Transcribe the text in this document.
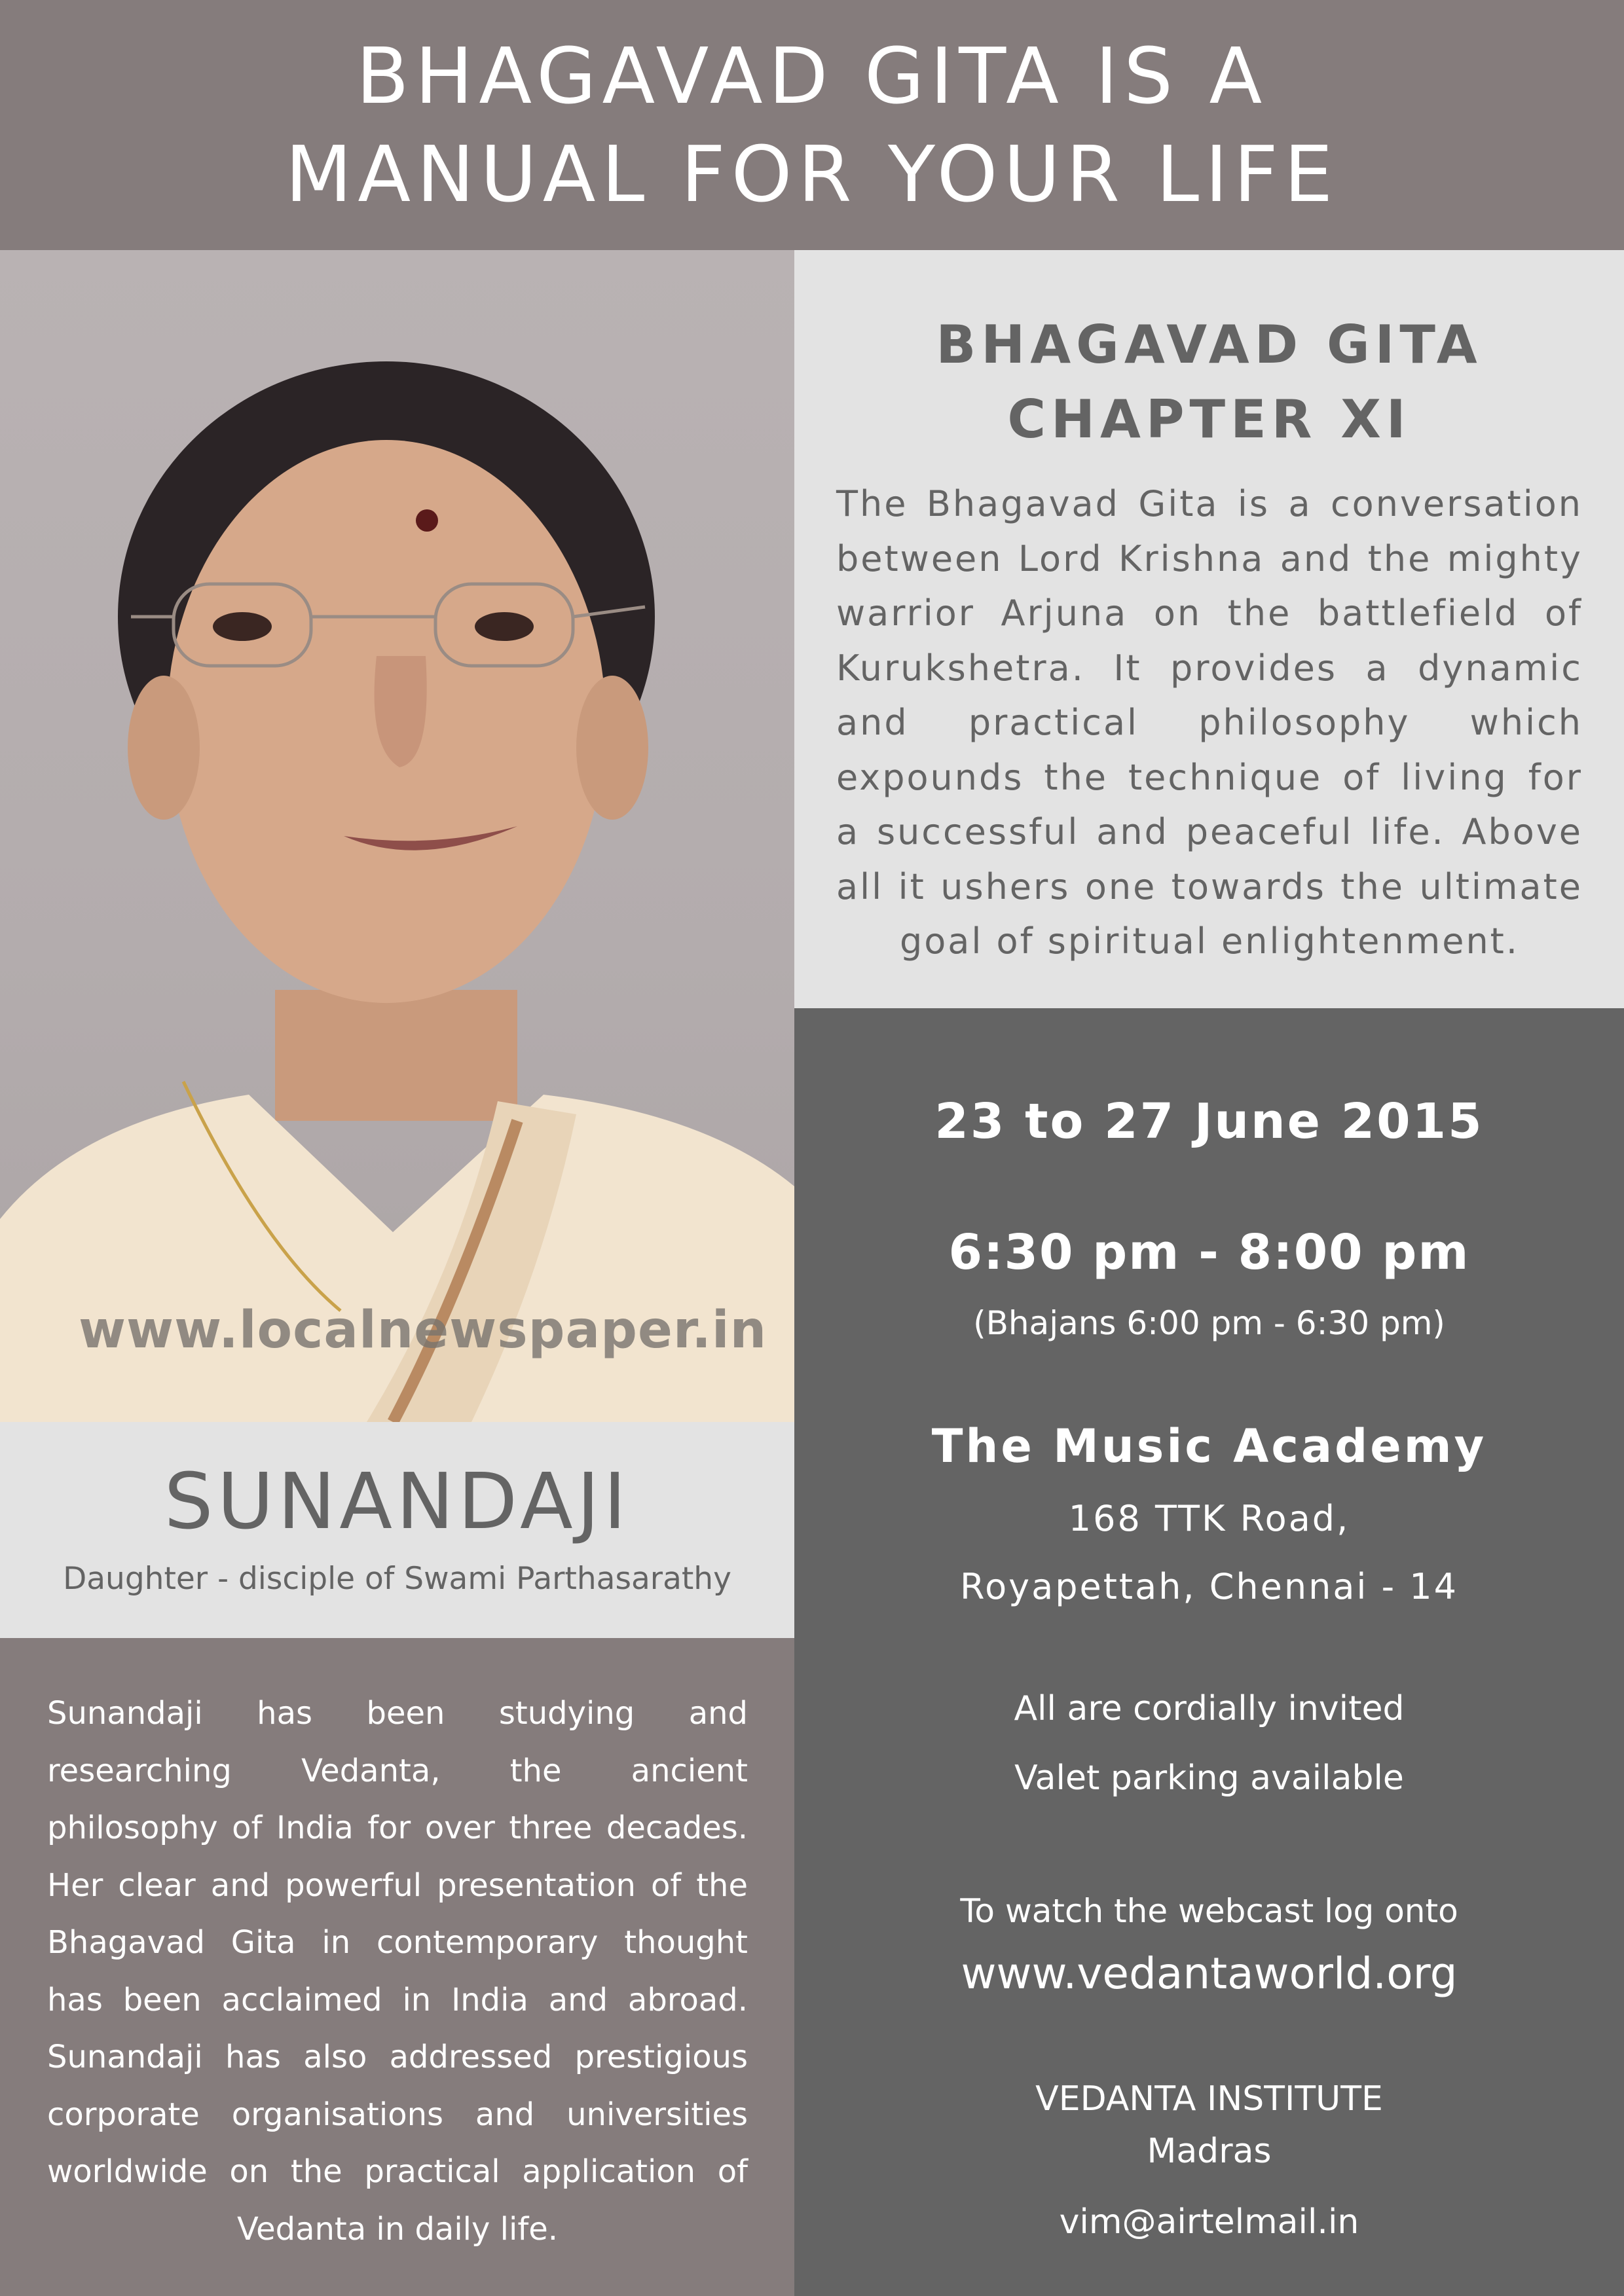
BHAGAVAD GITA IS A
MANUAL FOR YOUR LIFE
www.localnewspaper.in
SUNANDAJI
Daughter - disciple of Swami Parthasarathy

Sunandaji has been studying and researching Vedanta, the ancient philosophy of India for over three decades. Her clear and powerful presentation of the Bhagavad Gita in contemporary thought has been acclaimed in India and abroad. Sunandaji has also addressed prestigious corporate organisations and universities worldwide on the practical application of Vedanta in daily life.

BHAGAVAD GITA
CHAPTER XI

The Bhagavad Gita is a conversation between Lord Krishna and the mighty warrior Arjuna on the battlefield of Kurukshetra. It provides a dynamic and practical philosophy which expounds the technique of living for a successful and peaceful life. Above all it ushers one towards the ultimate goal of spiritual enlightenment.

23 to 27 June 2015
6:30 pm - 8:00 pm
(Bhajans 6:00 pm - 6:30 pm)
The Music Academy
168 TTK Road,
Royapettah, Chennai - 14
All are cordially invited
Valet parking available
To watch the webcast log onto
www.vedantaworld.org
VEDANTA INSTITUTE
Madras
vim@airtelmail.in
